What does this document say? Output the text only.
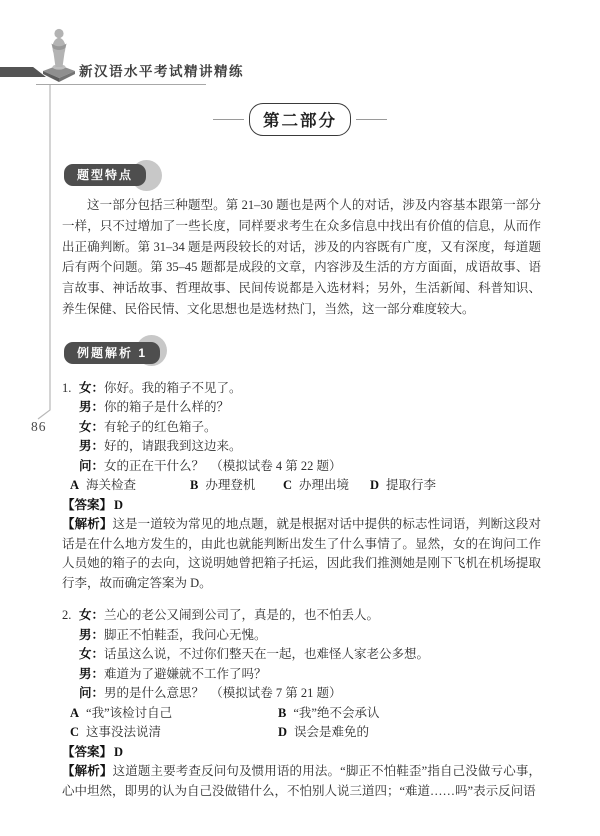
新汉语水平考试精讲精练
86
第二部分
题型特点

这一部分包括三种题型。第 21–30 题也是两个人的对话，涉及内容基本跟第一部分一样，只不过增加了一些长度，同样要求考生在众多信息中找出有价值的信息，从而作出正确判断。第 31–34 题是两段较长的对话，涉及的内容既有广度，又有深度，每道题后有两个问题。第 35–45 题都是成段的文章，内容涉及生活的方方面面，成语故事、语言故事、神话故事、哲理故事、民间传说都是入选材料；另外，生活新闻、科普知识、养生保健、民俗民情、文化思想也是选材热门，当然，这一部分难度较大。

例题解析 1
1. 女：你好。我的箱子不见了。
男：你的箱子是什么样的？
女：有轮子的红色箱子。
男：好的，请跟我到这边来。
问：女的正在干什么？　（模拟试卷 4 第 22 题）
A 海关检查	B 办理登机	C 办理出境	D 提取行李
【答案】 D

【解析】这是一道较为常见的地点题，就是根据对话中提供的标志性词语，判断这段对话是在什么地方发生的，由此也就能判断出发生了什么事情了。显然，女的在询问工作人员她的箱子的去向，这说明她曾把箱子托运，因此我们推测她是刚下飞机在机场提取行李，故而确定答案为 D。

2. 女：兰心的老公又闹到公司了，真是的，也不怕丢人。
男：脚正不怕鞋歪，我问心无愧。
女：话虽这么说，不过你们整天在一起，也难怪人家老公多想。
男：难道为了避嫌就不工作了吗？
问：男的是什么意思？　（模拟试卷 7 第 21 题）
A “我”该检讨自己	B “我”绝不会承认
C 这事没法说清	D 误会是难免的
【答案】 D

【解析】这道题主要考查反问句及惯用语的用法。“脚正不怕鞋歪”指自己没做亏心事，心中坦然，即男的认为自己没做错什么，不怕别人说三道四；“难道……吗”表示反问语
